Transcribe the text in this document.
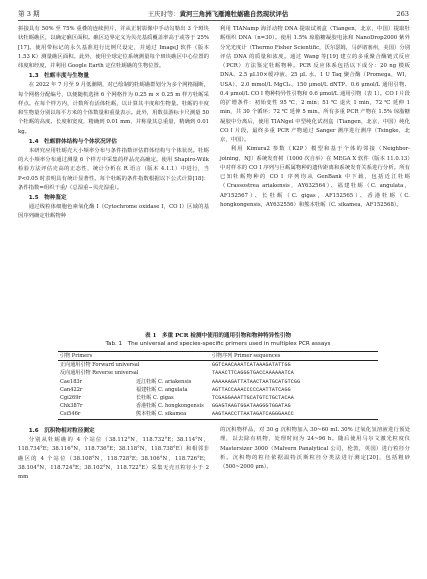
第 3 期	王庆时等：黄河三角洲飞雁滩牡蛎礁自然现状评估	263

拼接具有 50% 至 75% 重叠的连续照片，并从正射影像中手动勾勒出 3 个斑块状牡蛎礁区，以确定礁区面积。礁区边界定义为贝壳基质覆盖率高于或等于 25%[17]。使用带标记的永久基准进行比例尺设定，并通过 ImageJ 软件（版本 1.53 K）测量礁区面积。此外，使用全球定位系统测量每个斑块礁区中心位置的纬度和经度，并利用 Google Earth 定位牡蛎礁的生物位置。

1.3　牡蛎丰度与生物量

在 2022 年 7 月至 9 月低潮期，对已绘制的牡蛎礁群划分为多个网格隔断，每个网格分配编号，以便随机选择 6 个网格作为 0.25 m × 0.25 m 样方牡蛎采样点。在每个样方内，计数所有活体牡蛎，以计算其丰度和生物量。牡蛎的丰度和生物量分别以每平方米的个体数量和重量表示。此外，用数显游标卡尺测量 50 个牡蛎的高度、长度和宽度，精确到 0.01 mm，并称量其总重量，精确到 0.01 kg。

1.4　牡蛎群体结构与个体状况评估

本研究应用牡蛎壳大小频率分布与条件指数评估群体结构与个体状况。牡蛎的大小频率分布通过测量 6 个样方中采集的样品壳高确定。使用 Shapiro-Wilk 检验方法评估壳高的正态性，统计分析在 R 语言（版本 4.1.1）中进行，当 P<0.05 时表明具有统计显著性。每个牡蛎的条件指数根据以下公式计算[18]：条件指数=组织干重/（总湿重−贝壳湿重）。

1.5　物种鉴定

通过线粒体细胞色素氧化酶 Ⅰ（Cytochrome oxidase Ⅰ，CO Ⅰ）区域的基因序列确定牡蛎物种

利用 TIANamp 海洋动物 DNA 提取试剂盒（Tiangen，北京，中国）提取牡蛎组织 DNA（n=30）。使用 1.5% 琼脂糖凝胶电泳和 NanoDrop2000 紫外分光光度计（Thermo Fisher Scientific，沃尔瑟姆，马萨诸塞州，美国）分别评估 DNA 的质量和浓度。通过 Wang 等[19] 建立的多重聚合酶链式反应（PCR）方法鉴定牡蛎物种。PCR 反应体系包括以下成分：20 ng 模板 DNA、2.5 μL10×缓冲液、25 μL 水、1 U Taq 聚合酶（Promega，WI，USA）、2.0 mmol/L MgCl₂、150 μmol/L dNTP、0.6 μmol/L 通用引物、0.4 μmol/L CO Ⅰ 物种特异性引物和 0.6 μmol/L 通用引物（表 1）。CO Ⅰ 片段的扩增条件：初始变性 95 ℃，2 min；51 ℃ 退火 1 min，72 ℃ 延伸 1 min，共 30 个循环；72 ℃ 延伸 5 min。所有多重 PCR 产物在 1.5% 琼脂糖凝胶中分离后，使用 TIANgel 中型纯化试剂盒（Tiangen，北京，中国）纯化 CO Ⅰ 片段，最终多重 PCR 产物通过 Sanger 测序进行测序（Tsingke，北京，中国）。

利用 Kimura2 参数（K2P）模型和基于个体的邻接（Neighbor-joining，NJ）系统发育树（1000 次自举）在 MEGA X 软件（版本 11.0.13）中对样本的 CO Ⅰ 序列与巨蛎属物种的遗传距离和系统发育关系进行分析。所有已知牡蛎物种的 CO Ⅰ 序列均从 GenBank 中下载，包括近江牡蛎（Crassostrea ariakensis，AY632564）、福建牡蛎（C. angulata，AF152567）、长牡蛎（C. gigas，AF152565）、香港牡蛎（C. hongkongensis，AY632556）和熊本牡蛎（C. sikamea，AF152568）。

表 1　多重 PCR 检测中使用的通用引物和物种特异性引物
Tab. 1　The universal and species-specific primers used in multiplex PCR assays
引物 Primers		引物序列 Primer sequences
正向通用引物 Forward universal		GGTCAACAAATCATAAAGATATTGG
反向通用引物 Reverse universal		TAAACTTCAGGGTGACCAAAAAATCA
Cae183r	近江牡蛎 C. ariakensis	AAAAAAGATTATAACTAATGCATGTCGG
Can422r	福建牡蛎 C. angulata	AGTTACCAAACCCCCAATTATCAGG
Cgi269r	长牡蛎 C. gigas	TCGAGGAAATTGCATGTCTGCTACAA
Chk387r	香港牡蛎 C. hongkongensis	GGAGTAAGTGGATAAGGGTGGATAG
Csi546r	熊本牡蛎 C. sikamea	AAGTAACCTTAATAGATCAGGGAACC

1.6　沉积物相对粒径测定

分别从牡蛎礁的 4 个站位（38.112°N，118.732°E；38.114°N，118.734°E；38.116°N，118.736°E；38.118°N，118.738°E）和相邻非礁区的 4 个站位（38.108°N，118.728°E；38.106°N，118.726°E；38.104°N，118.724°E；38.102°N，118.722°E）采集无壳且粒径小于 2 mm

的沉积物样品，对 30 g 沉积物加入 30~60 mL 30% 过氧化氢溶液进行预处理，以去除有机物，处理时间为 24~96 h。随后使用马尔文激光粒度仪 Mastersizer 3000（Malvern Panalytical 公司，伦敦，英国）进行粒径分析。沉积物的粒径依据温特沃斯粒径分类法进行测定[20]，包括粗砂（500~2000 μm）、
